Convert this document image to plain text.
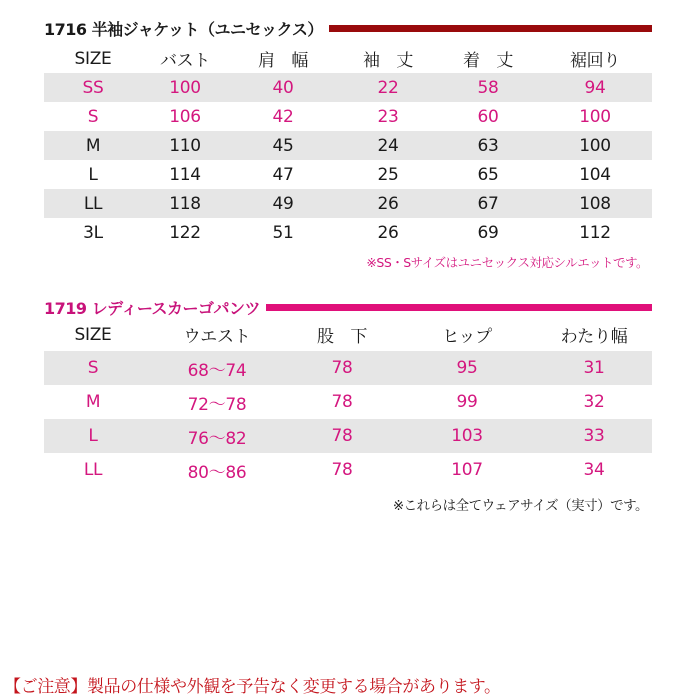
1716 半袖ジャケット（ユニセックス）
SIZE	バスト	肩　幅	袖　丈	着　丈	裾回り
SS	100	40	22	58	94
S	106	42	23	60	100
M	110	45	24	63	100
L	114	47	25	65	104
LL	118	49	26	67	108
3L	122	51	26	69	112
※SS・Sサイズはユニセックス対応シルエットです。
1719 レディースカーゴパンツ
SIZE	ウエスト	股　下	ヒップ	わたり幅
S	68〜74	78	95	31
M	72〜78	78	99	32
L	76〜82	78	103	33
LL	80〜86	78	107	34
※これらは全てウェアサイズ（実寸）です。
【ご注意】製品の仕様や外観を予告なく変更する場合があります。
